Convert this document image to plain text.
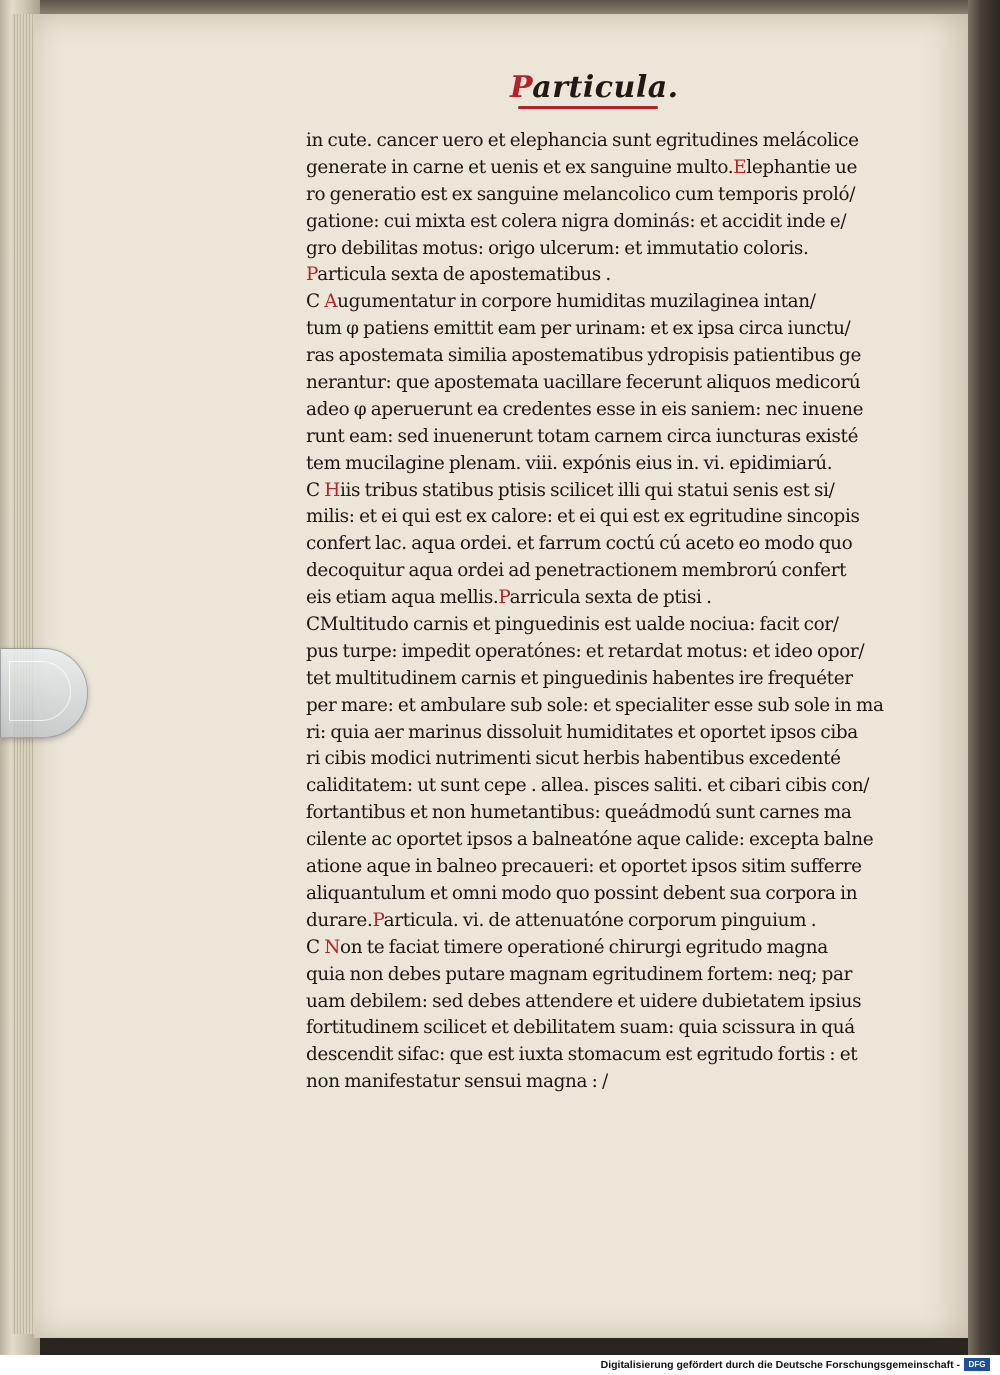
Particula.
in cute. cancer uero et elephancia sunt egritudines melácolice
generate in carne et uenis et ex sanguine multo.Elephantie ue
ro generatio est ex sanguine melancolico cum temporis proló/
gatione: cui mixta est colera nigra dominás: et accidit inde e/
gro debilitas motus: origo ulcerum: et immutatio coloris.
Particula sexta de apostematibus .
C Augumentatur in corpore humiditas muzilaginea intan/
tum φ patiens emittit eam per urinam: et ex ipsa circa iunctu/
ras apostemata similia apostematibus ydropisis patientibus ge
nerantur: que apostemata uacillare fecerunt aliquos medicorú
adeo φ aperuerunt ea credentes esse in eis saniem: nec inuene
runt eam: sed inuenerunt totam carnem circa iuncturas existé
tem mucilagine plenam. viii. expónis eius in. vi. epidimiarú.
C Hiis tribus statibus ptisis scilicet illi qui statui senis est si/
milis: et ei qui est ex calore: et ei qui est ex egritudine sincopis
confert lac. aqua ordei. et farrum coctú cú aceto eo modo quo
decoquitur aqua ordei ad penetractionem membrorú confert
eis etiam aqua mellis.Parricula sexta de ptisi .
CMultitudo carnis et pinguedinis est ualde nociua: facit cor/
pus turpe: impedit operatónes: et retardat motus: et ideo opor/
tet multitudinem carnis et pinguedinis habentes ire frequéter
per mare: et ambulare sub sole: et specialiter esse sub sole in ma
ri: quia aer marinus dissoluit humiditates et oportet ipsos ciba
ri cibis modici nutrimenti sicut herbis habentibus excedenté
caliditatem: ut sunt cepe . allea. pisces saliti. et cibari cibis con/
fortantibus et non humetantibus: queádmodú sunt carnes ma
cilente ac oportet ipsos a balneatóne aque calide: excepta balne
atione aque in balneo precaueri: et oportet ipsos sitim sufferre
aliquantulum et omni modo quo possint debent sua corpora in
durare.Particula. vi. de attenuatóne corporum pinguium .
C Non te faciat timere operationé chirurgi egritudo magna
quia non debes putare magnam egritudinem fortem: neq; par
uam debilem: sed debes attendere et uidere dubietatem ipsius
fortitudinem scilicet et debilitatem suam: quia scissura in quá
descendit sifac: que est iuxta stomacum est egritudo fortis : et
non manifestatur sensui magna : /
Digitalisierung gefördert durch die Deutsche Forschungsgemeinschaft -	DFG
